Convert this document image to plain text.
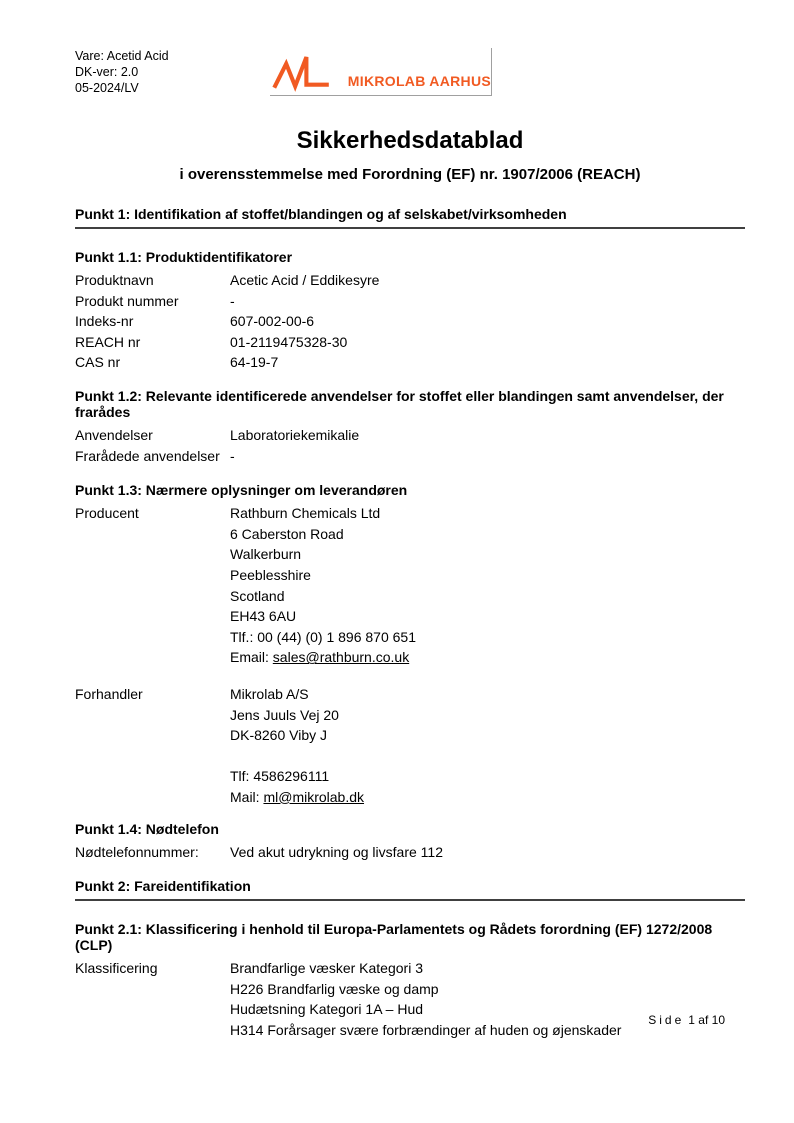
Vare: Acetid Acid
DK-ver: 2.0
05-2024/LV	MIKROLAB AARHUS
Sikkerhedsdatablad
i overensstemmelse med Forordning (EF) nr. 1907/2006 (REACH)
Punkt 1: Identifikation af stoffet/blandingen og af selskabet/virksomheden
Punkt 1.1: Produktidentifikatorer
Produktnavn	Acetic Acid / Eddikesyre
Produkt nummer	-
Indeks-nr	607-002-00-6
REACH nr	01-2119475328-30
CAS nr	64-19-7
Punkt 1.2: Relevante identificerede anvendelser for stoffet eller blandingen samt anvendelser, der frarådes
Anvendelser	Laboratoriekemikalie
Frarådede anvendelser -
Punkt 1.3: Nærmere oplysninger om leverandøren
Producent	Rathburn Chemicals Ltd
6 Caberston Road
Walkerburn
Peeblesshire
Scotland
EH43 6AU
Tlf.: 00 (44) (0) 1 896 870 651
Email: sales@rathburn.co.uk
Forhandler	Mikrolab A/S
Jens Juuls Vej 20
DK-8260 Viby J
Tlf: 4586296111
Mail: ml@mikrolab.dk
Punkt 1.4: Nødtelefon
Nødtelefonnummer:	Ved akut udrykning og livsfare 112
Punkt 2: Fareidentifikation
Punkt 2.1: Klassificering i henhold til Europa-Parlamentets og Rådets forordning (EF) 1272/2008 (CLP)
Klassificering	Brandfarlige væsker Kategori 3
H226 Brandfarlig væske og damp
Hudætsning Kategori 1A – Hud
H314 Forårsager svære forbrændinger af huden og øjenskader
Side 1 af 10
